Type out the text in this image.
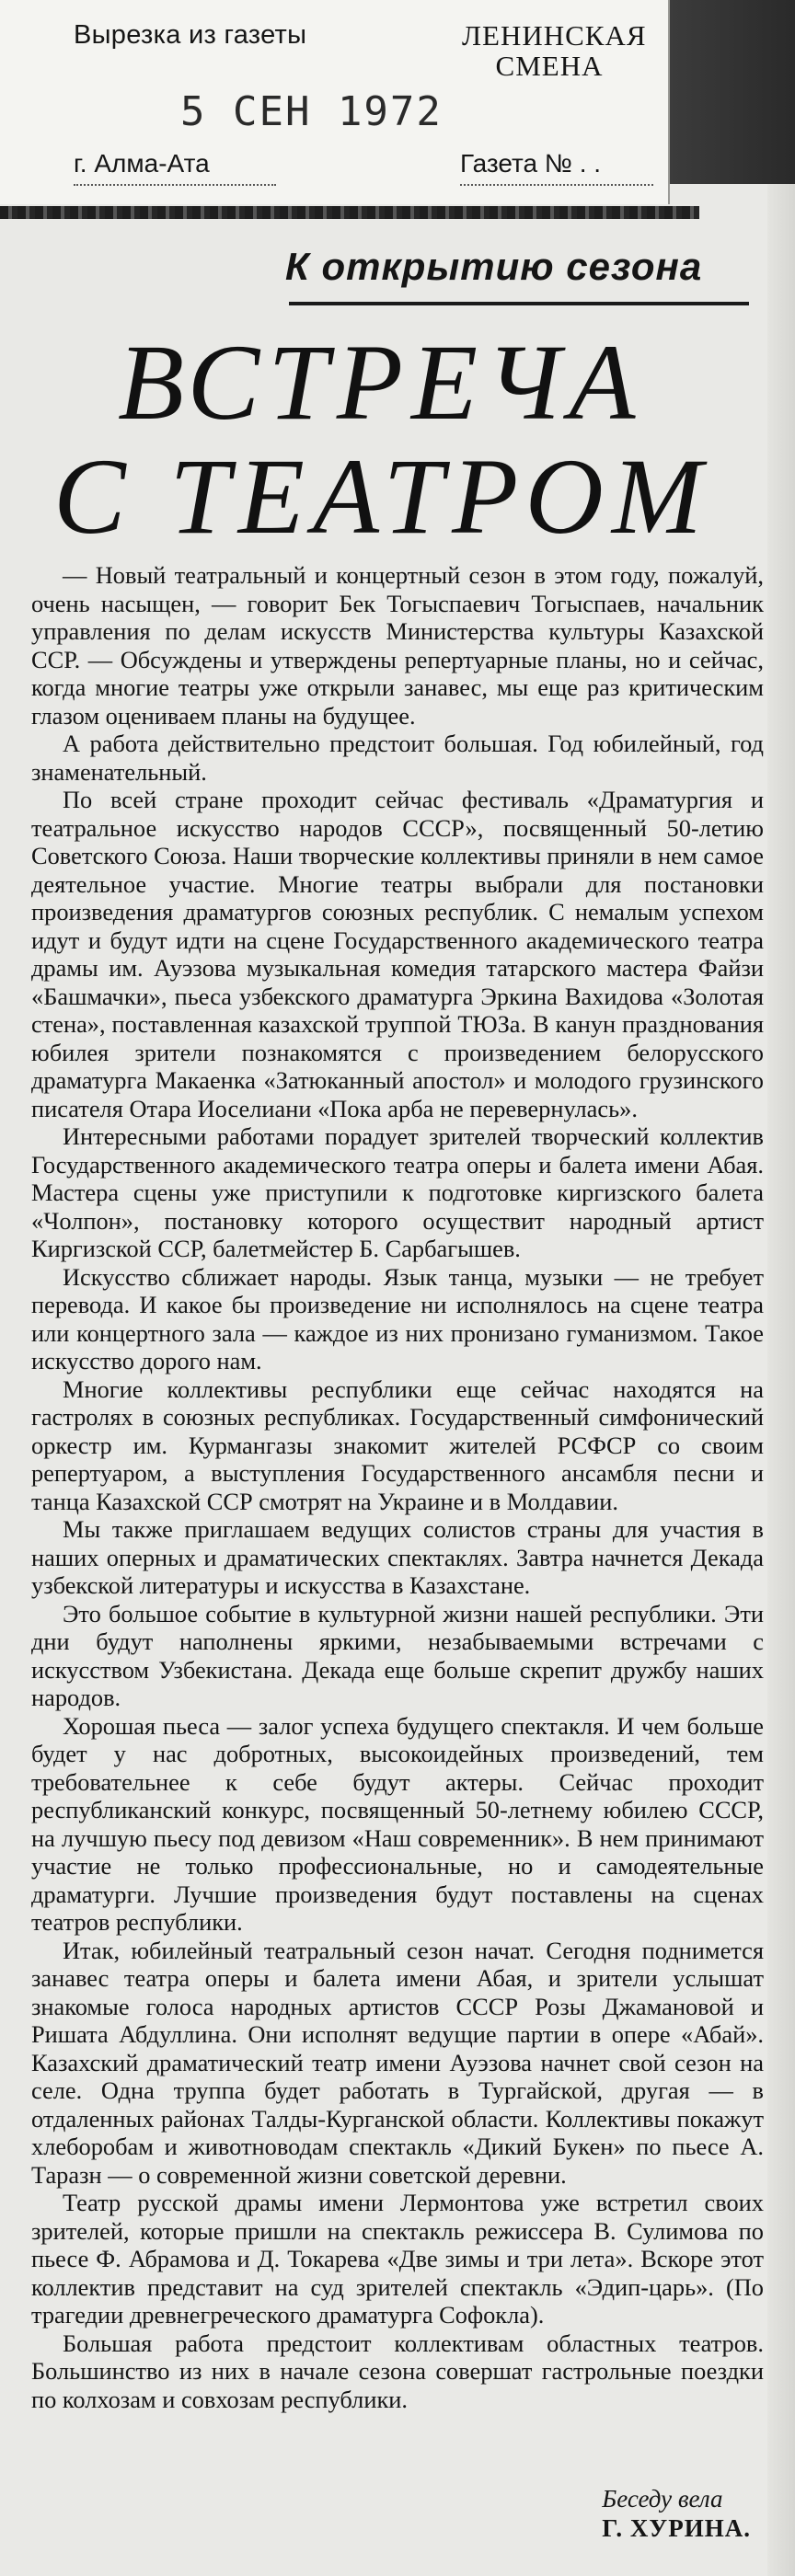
Вырезка из газеты	ЛЕНИНСКАЯ СМЕНА
5 СЕН 1972
г. Алма-Ата	Газета № . .
К открытию сезона
ВСТРЕЧА
С ТЕАТРОМ

— Новый театральный и концертный сезон в этом году, пожалуй, очень насыщен, — говорит Бек Тогыспаевич Тогыспаев, начальник управления по делам искусств Министерства культуры Казахской ССР. — Обсуждены и утверждены репертуарные планы, но и сейчас, когда многие театры уже открыли занавес, мы еще раз критическим глазом оцениваем планы на будущее.

А работа действительно предстоит большая. Год юбилейный, год знаменательный.

По всей стране проходит сейчас фестиваль «Драматургия и театральное искусство народов СССР», посвященный 50-летию Советского Союза. Наши творческие коллективы приняли в нем самое деятельное участие. Многие театры выбрали для постановки произведения драматургов союзных республик. С немалым успехом идут и будут идти на сцене Государственного академического театра драмы им. Ауэзова музыкальная комедия татарского мастера Файзи «Башмачки», пьеса узбекского драматурга Эркина Вахидова «Золотая стена», поставленная казахской труппой ТЮЗа. В канун празднования юбилея зрители познакомятся с произведением белорусского драматурга Макаенка «Затюканный апостол» и молодого грузинского писателя Отара Иоселиани «Пока арба не перевернулась».

Интересными работами порадует зрителей творческий коллектив Государственного академического театра оперы и балета имени Абая. Мастера сцены уже приступили к подготовке киргизского балета «Чолпон», постановку которого осуществит народный артист Киргизской ССР, балетмейстер Б. Сарбагышев.

Искусство сближает народы. Язык танца, музыки — не требует перевода. И какое бы произведение ни исполнялось на сцене театра или концертного зала — каждое из них пронизано гуманизмом. Такое искусство дорого нам.

Многие коллективы республики еще сейчас находятся на гастролях в союзных республиках. Государственный симфонический оркестр им. Курмангазы знакомит жителей РСФСР со своим репертуаром, а выступления Государственного ансамбля песни и танца Казахской ССР смотрят на Украине и в Молдавии.

Мы также приглашаем ведущих солистов страны для участия в наших оперных и драматических спектаклях. Завтра начнется Декада узбекской литературы и искусства в Казахстане.

Это большое событие в культурной жизни нашей республики. Эти дни будут наполнены яркими, незабываемыми встречами с искусством Узбекистана. Декада еще больше скрепит дружбу наших народов.

Хорошая пьеса — залог успеха будущего спектакля. И чем больше будет у нас добротных, высокоидейных произведений, тем требовательнее к себе будут актеры. Сейчас проходит республиканский конкурс, посвященный 50-летнему юбилею СССР, на лучшую пьесу под девизом «Наш современник». В нем принимают участие не только профессиональные, но и самодеятельные драматурги. Лучшие произведения будут поставлены на сценах театров республики.

Итак, юбилейный театральный сезон начат. Сегодня поднимется занавес театра оперы и балета имени Абая, и зрители услышат знакомые голоса народных артистов СССР Розы Джамановой и Ришата Абдуллина. Они исполнят ведущие партии в опере «Абай». Казахский драматический театр имени Ауэзова начнет свой сезон на селе. Одна труппа будет работать в Тургайской, другая — в отдаленных районах Талды-Курганской области. Коллективы покажут хлеборобам и животноводам спектакль «Дикий Букен» по пьесе А. Таразн — о современной жизни советской деревни.

Театр русской драмы имени Лермонтова уже встретил своих зрителей, которые пришли на спектакль режиссера В. Сулимова по пьесе Ф. Абрамова и Д. Токарева «Две зимы и три лета». Вскоре этот коллектив представит на суд зрителей спектакль «Эдип-царь». (По трагедии древнегреческого драматурга Софокла).

Большая работа предстоит коллективам областных театров. Большинство из них в начале сезона совершат гастрольные поездки по колхозам и совхозам республики.

Беседу вела
Г. ХУРИНА.
